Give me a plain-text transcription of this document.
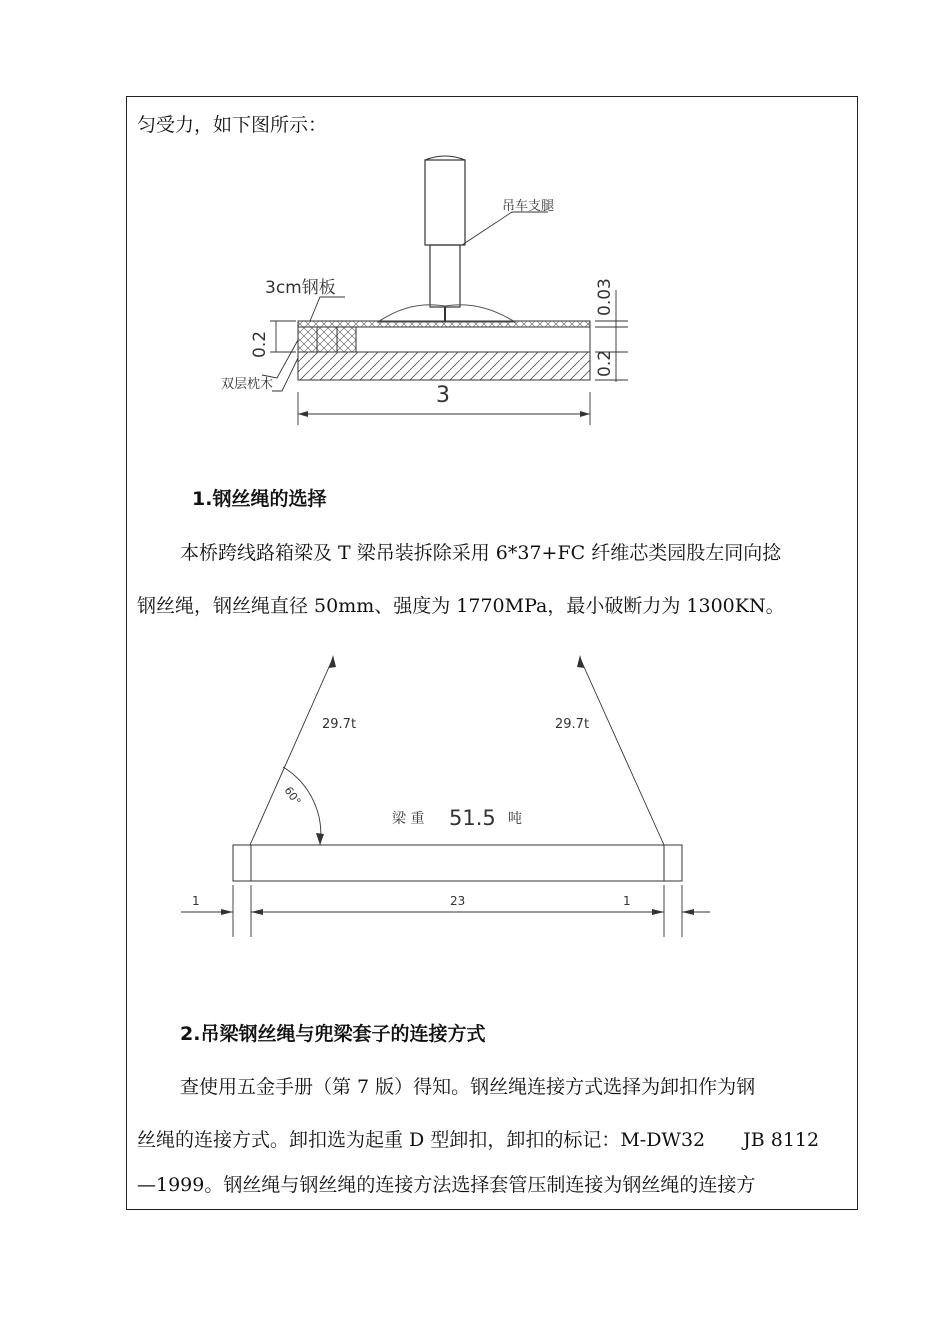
匀受力，如下图所示：
吊车支腿
3cm钢板
0.2
双层枕木	3
0.03
0.2
1.钢丝绳的选择
本桥跨线路箱梁及 T 梁吊装拆除采用 6*37+FC 纤维芯类园股左同向捻
钢丝绳，钢丝绳直径 50mm、强度为 1770MPa，最小破断力为 1300KN。
29.7t	29.7t
60°
梁 重 51.5 吨
1	23	1
2.吊梁钢丝绳与兜梁套子的连接方式
查使用五金手册（第 7 版）得知。钢丝绳连接方式选择为卸扣作为钢
丝绳的连接方式。卸扣选为起重 D 型卸扣，卸扣的标记：M-DW32　　JB 8112
—1999。钢丝绳与钢丝绳的连接方法选择套管压制连接为钢丝绳的连接方
